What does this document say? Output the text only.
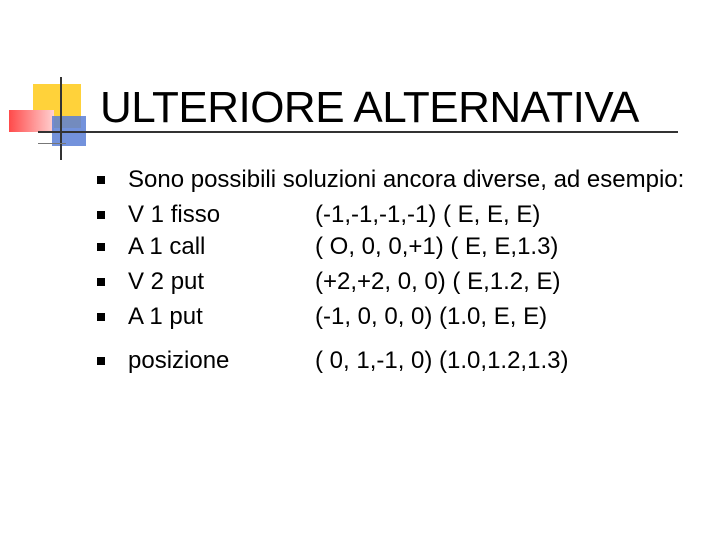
ULTERIORE ALTERNATIVA
Sono possibili soluzioni ancora diverse, ad esempio:
V 1 fisso	(-1,-1,-1,-1) ( E, E, E)
A 1 call	( O, 0, 0,+1) ( E, E,1.3)
V 2 put	(+2,+2, 0, 0) ( E,1.2, E)
A 1 put	(-1, 0, 0, 0) (1.0, E, E)
posizione	( 0, 1,-1, 0) (1.0,1.2,1.3)
